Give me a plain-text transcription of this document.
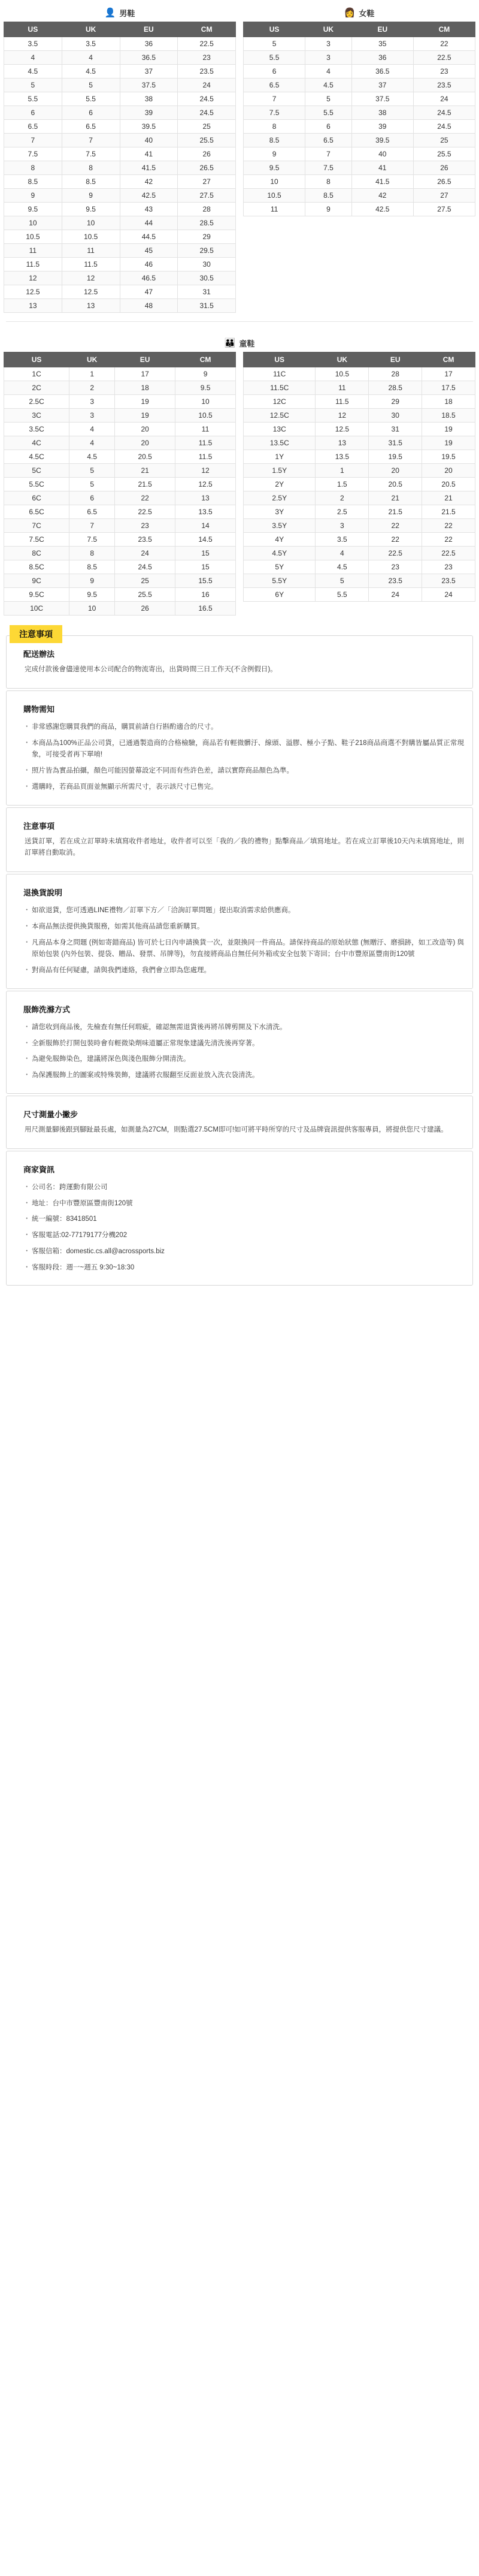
👤 男鞋
US	UK	EU	CM
3.5	3.5	36	22.5
4	4	36.5	23
4.5	4.5	37	23.5
5	5	37.5	24
5.5	5.5	38	24.5
6	6	39	24.5
6.5	6.5	39.5	25
7	7	40	25.5
7.5	7.5	41	26
8	8	41.5	26.5
8.5	8.5	42	27
9	9	42.5	27.5
9.5	9.5	43	28
10	10	44	28.5
10.5	10.5	44.5	29
11	11	45	29.5
11.5	11.5	46	30
12	12	46.5	30.5
12.5	12.5	47	31
13	13	48	31.5
👩 女鞋
US	UK	EU	CM
5	3	35	22
5.5	3	36	22.5
6	4	36.5	23
6.5	4.5	37	23.5
7	5	37.5	24
7.5	5.5	38	24.5
8	6	39	24.5
8.5	6.5	39.5	25
9	7	40	25.5
9.5	7.5	41	26
10	8	41.5	26.5
10.5	8.5	42	27
11	9	42.5	27.5
👪 童鞋
US	UK	EU	CM
1C	1	17	9
2C	2	18	9.5
2.5C	3	19	10
3C	3	19	10.5
3.5C	4	20	11
4C	4	20	11.5
4.5C	4.5	20.5	11.5
5C	5	21	12
5.5C	5	21.5	12.5
6C	6	22	13
6.5C	6.5	22.5	13.5
7C	7	23	14
7.5C	7.5	23.5	14.5
8C	8	24	15
8.5C	8.5	24.5	15
9C	9	25	15.5
9.5C	9.5	25.5	16
10C	10	26	16.5
US	UK	EU	CM
11C	10.5	28	17
11.5C	11	28.5	17.5
12C	11.5	29	18
12.5C	12	30	18.5
13C	12.5	31	19
13.5C	13	31.5	19
1Y	13.5	19.5	19.5
1.5Y	1	20	20
2Y	1.5	20.5	20.5
2.5Y	2	21	21
3Y	2.5	21.5	21.5
3.5Y	3	22	22
4Y	3.5	22	22
4.5Y	4	22.5	22.5
5Y	4.5	23	23
5.5Y	5	23.5	23.5
6Y	5.5	24	24
注意事項
配送辦法
完成付款後會儘速使用本公司配合的物流寄出，出貨時間三日工作天(不含例假日)。
購物需知
・ 非常感謝您購買我們的商品，購買前請自行斟酌適合的尺寸。
・ 本商品為100%正品公司貨，已通過製造商的合格檢驗，商品若有輕微髒汙、線頭、溢膠、極小子點、鞋子218商品商選不對購皆屬品質正常現象，可接受者再下單唷!
・ 照片皆為實品拍攝，顏色可能因螢幕設定不同而有些許色差，請以實際商品顏色為準。
・ 選購時，若商品頁面並無顯示所需尺寸，表示該尺寸已售完。
注意事項
送貨訂單，若在成立訂單時未填寫收件者地址，收件者可以至「我的／我的禮物」點擊商品／填寫地址。若在成立訂單後10天內未填寫地址，則訂單將自動取消。
退換貨說明
・ 如欲退貨，您可透過LINE禮物／訂單下方／「洽詢訂單問題」提出取消需求給供應商。
・ 本商品無法提供換貨服務，如需其他商品請您重新購買。
・ 凡商品本身之問題 (例如寄錯商品) 皆可於七日內申請換貨一次，並限換同一件商品。請保持商品的原始狀態 (無贈汙、磨損跡，如工改造等) 與原始包裝 (內外包裝、提袋、贈品、發票、吊牌等)，勿直接將商品自無任何外箱或安全包裝下寄回；台中市豐原區豐南街120號
・ 對商品有任何疑慮，請與我們連絡，我們會立即為您處理。
服飾洗滌方式
・ 請您收到商品後，先檢查有無任何瑕疵，確認無需退貨後再將吊牌剪開及下水清洗。
・ 全新服飾於打開包裝時會有輕微染劑味道屬正常現象建議先清洗後再穿著。
・ 為避免服飾染色，建議將深色與淺色服飾分開清洗。
・ 為保護服飾上的圖案或特殊裝飾，建議將衣服翻至反面並放入洗衣袋清洗。
尺寸測量小撇步
用尺測量腳後跟到腳趾最長處，如測量為27CM，則點選27.5CM即可!如可將平時所穿的尺寸及品牌資訊提供客服專員，將提供您尺寸建議。
商家資訊
・ 公司名：跨運動有限公司
・ 地址：台中市豐原區豐南街120號
・ 統一編號：83418501
・ 客服電話:02-77179177分機202
・ 客服信箱：domestic.cs.all@acrossports.biz
・ 客服時段：週一~週五 9:30~18:30
